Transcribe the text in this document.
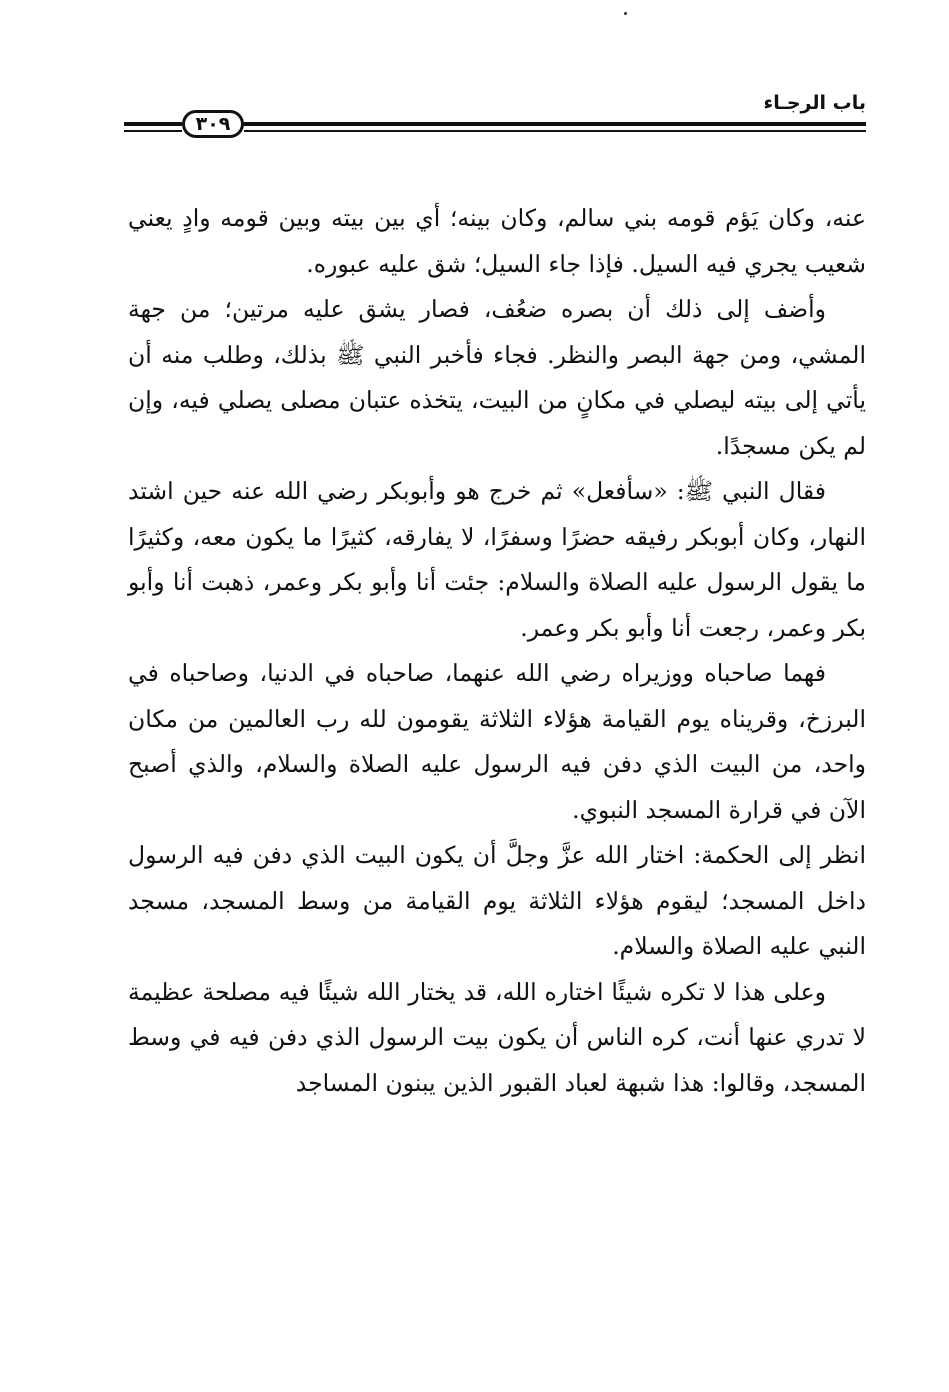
باب الرجـاء
٣٠٩

عنه، وكان يَؤم قومه بني سالم، وكان بينه؛ أي بين بيته وبين قومه وادٍ يعني شعيب يجري فيه السيل. فإذا جاء السيل؛ شق عليه عبوره.

وأضف إلى ذلك أن بصره ضعُف، فصار يشق عليه مرتين؛ من جهة المشي، ومن جهة البصر والنظر. فجاء فأخبر النبي ﷺ بذلك، وطلب منه أن يأتي إلى بيته ليصلي في مكانٍ من البيت، يتخذه عتبان مصلى يصلي فيه، وإن لم يكن مسجدًا.

فقال النبي ﷺ: «سأفعل» ثم خرج هو وأبوبكر رضي الله عنه حين اشتد النهار، وكان أبوبكر رفيقه حضرًا وسفرًا، لا يفارقه، كثيرًا ما يكون معه، وكثيرًا ما يقول الرسول عليه الصلاة والسلام: جئت أنا وأبو بكر وعمر، ذهبت أنا وأبو بكر وعمر، رجعت أنا وأبو بكر وعمر.

فهما صاحباه ووزيراه رضي الله عنهما، صاحباه في الدنيا، وصاحباه في البرزخ، وقريناه يوم القيامة هؤلاء الثلاثة يقومون لله رب العالمين من مكان واحد، من البيت الذي دفن فيه الرسول عليه الصلاة والسلام، والذي أصبح الآن في قرارة المسجد النبوي.

انظر إلى الحكمة: اختار الله عزَّ وجلَّ أن يكون البيت الذي دفن فيه الرسول داخل المسجد؛ ليقوم هؤلاء الثلاثة يوم القيامة من وسط المسجد، مسجد النبي عليه الصلاة والسلام.

وعلى هذا لا تكره شيئًا اختاره الله، قد يختار الله شيئًا فيه مصلحة عظيمة لا تدري عنها أنت، كره الناس أن يكون بيت الرسول الذي دفن فيه في وسط المسجد، وقالوا: هذا شبهة لعباد القبور الذين يبنون المساجد
